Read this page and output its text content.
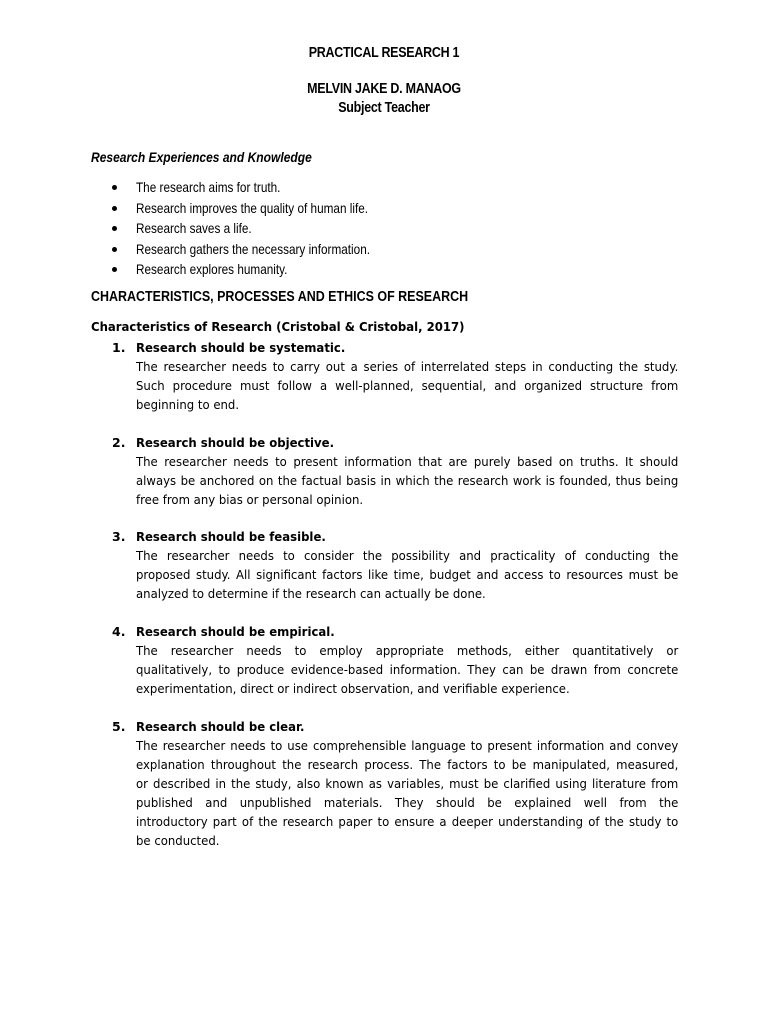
PRACTICAL RESEARCH 1
MELVIN JAKE D. MANAOG
Subject Teacher
Research Experiences and Knowledge
The research aims for truth.
Research improves the quality of human life.
Research saves a life.
Research gathers the necessary information.
Research explores humanity.
CHARACTERISTICS, PROCESSES AND ETHICS OF RESEARCH
Characteristics of Research (Cristobal & Cristobal, 2017)
1. Research should be systematic.
The researcher needs to carry out a series of interrelated steps in conducting the study.
Such procedure must follow a well-planned, sequential, and organized structure from
beginning to end.
2. Research should be objective.
The researcher needs to present information that are purely based on truths. It should
always be anchored on the factual basis in which the research work is founded, thus being
free from any bias or personal opinion.
3. Research should be feasible.
The researcher needs to consider the possibility and practicality of conducting the
proposed study. All significant factors like time, budget and access to resources must be
analyzed to determine if the research can actually be done.
4. Research should be empirical.
The researcher needs to employ appropriate methods, either quantitatively or
qualitatively, to produce evidence-based information. They can be drawn from concrete
experimentation, direct or indirect observation, and verifiable experience.
5. Research should be clear.
The researcher needs to use comprehensible language to present information and convey
explanation throughout the research process. The factors to be manipulated, measured,
or described in the study, also known as variables, must be clarified using literature from
published and unpublished materials. They should be explained well from the
introductory part of the research paper to ensure a deeper understanding of the study to
be conducted.
